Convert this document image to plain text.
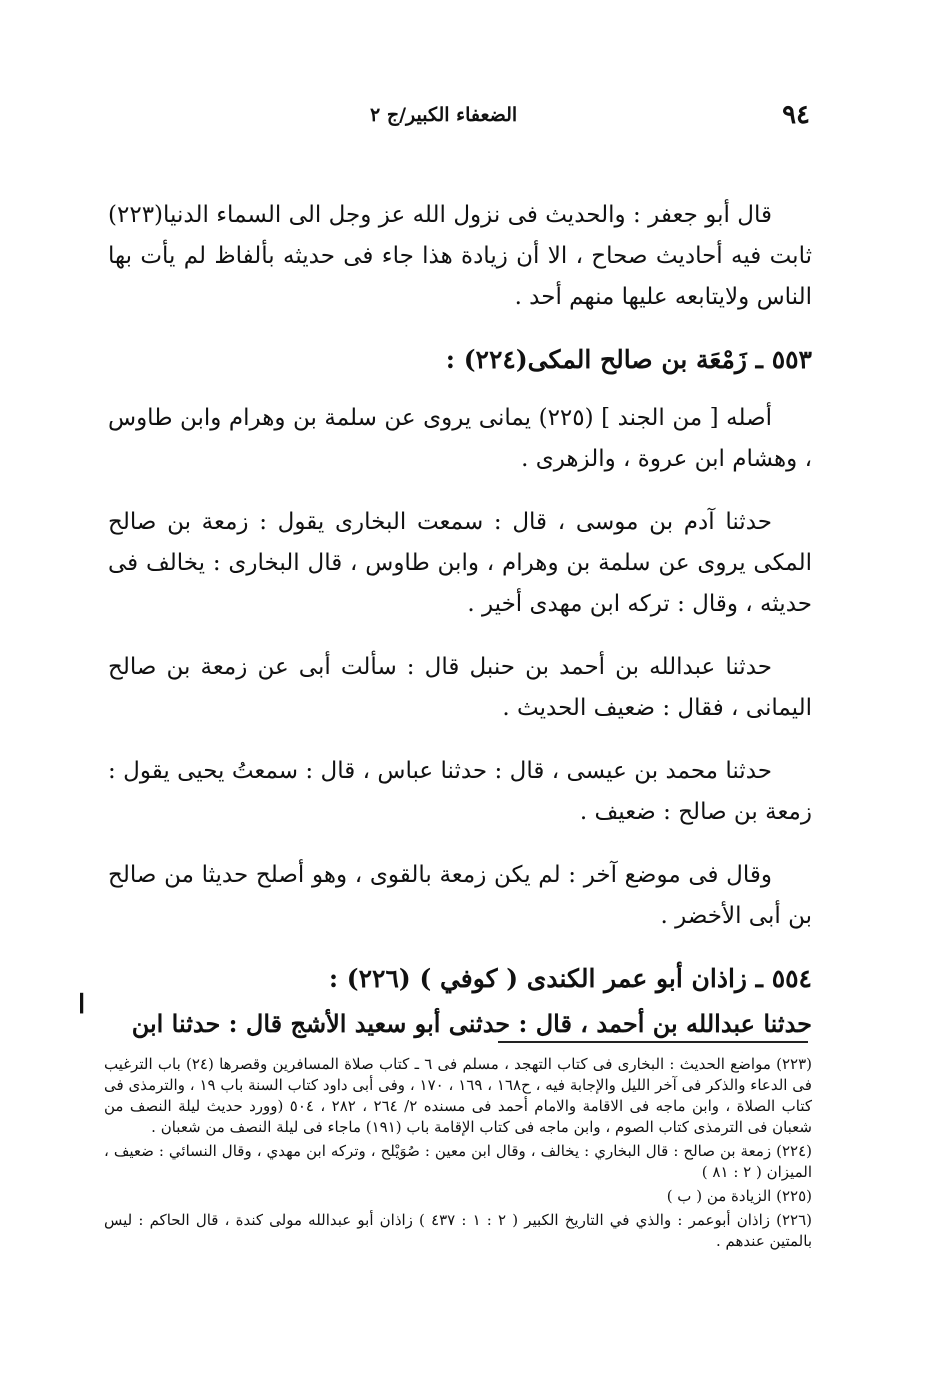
الضعفاء الكبير/ج ٢	٩٤

قال أبو جعفر : والحديث فى نزول الله عز وجل الى السماء الدنيا(٢٢٣) ثابت فيه أحاديث صحاح ، الا أن زيادة هذا جاء فى حديثه بألفاظ لم يأت بها الناس ولايتابعه عليها منهم أحد .

٥٥٣ ـ زَمْعَة بن صالح المكى(٢٢٤) :

أصله [ من الجند ] (٢٢٥) يمانى يروى عن سلمة بن وهرام وابن طاوس ، وهشام ابن عروة ، والزهرى .

حدثنا آدم بن موسى ، قال : سمعت البخارى يقول : زمعة بن صالح المكى يروى عن سلمة بن وهرام ، وابن طاوس ، قال البخارى : يخالف فى حديثه ، وقال : تركه ابن مهدى أخير .

حدثنا عبدالله بن أحمد بن حنبل قال : سألت أبى عن زمعة بن صالح اليمانى ، فقال : ضعيف الحديث .

حدثنا محمد بن عيسى ، قال : حدثنا عباس ، قال : سمعتُ يحيى يقول : زمعة بن صالح : ضعيف .

وقال فى موضع آخر : لم يكن زمعة بالقوى ، وهو أصلح حديثا من صالح بن أبى الأخضر .

٥٥٤ ـ زاذان أبو عمر الكندى ( كوفي ) (٢٢٦) :

حدثنا عبدالله بن أحمد ، قال : حدثنى أبو سعيد الأشج قال : حدثنا ابن

ا

(٢٢٣) مواضع الحديث : البخارى فى كتاب التهجد ، مسلم فى ٦ ـ كتاب صلاة المسافرين وقصرها (٢٤) باب الترغيب فى الدعاء والذكر فى آخر الليل والإجابة فيه ، ح١٦٨ ، ١٦٩ ، ١٧٠ ، وفى أبى داود كتاب السنة باب ١٩ ، والترمذى فى كتاب الصلاة ، وابن ماجه فى الاقامة والامام أحمد فى مسنده ٢/ ٢٦٤ ، ٢٨٢ ، ٥٠٤ (وورد حديث ليلة النصف من شعبان فى الترمذى كتاب الصوم ، وابن ماجه فى كتاب الإقامة باب (١٩١) ماجاء فى ليلة النصف من شعبان .

(٢٢٤) زمعة بن صالح : قال البخاري : يخالف ، وقال ابن معين : صُوَيْلح ، وتركه ابن مهدي ، وقال النسائي : ضعيف ، الميزان ( ٢ : ٨١ )

(٢٢٥) الزيادة من ( ب )

(٢٢٦) زاذان أبوعمر : والذي في التاريخ الكبير ( ٢ : ١ : ٤٣٧ ) زاذان أبو عبدالله مولى كندة ، قال الحاكم : ليس بالمتين عندهم .
